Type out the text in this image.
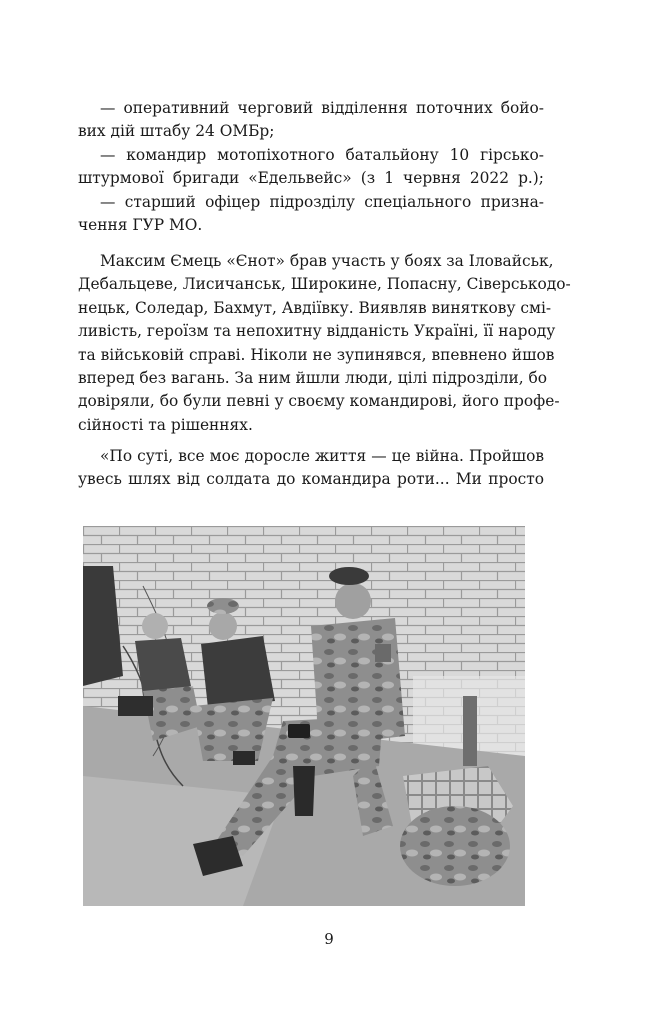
— оперативний черговий відділення поточних бойо-
вих дій штабу 24 ОМБр;
— командир мотопіхотного батальйону 10 гірсько-
штурмової бригади «Едельвейс» (з 1 червня 2022 р.);
— старший офіцер підрозділу спеціального призна-
чення ГУР МО.
Максим Ємець «Єнот» брав участь у боях за Іловайськ,
Дебальцеве, Лисичанськ, Широкине, Попасну, Сіверськодо-
нецьк, Соледар, Бахмут, Авдіївку. Виявляв виняткову смі-
ливість, героїзм та непохитну відданість Україні, її народу
та військовій справі. Ніколи не зупинявся, впевнено йшов
вперед без вагань. За ним йшли люди, цілі підрозділи, бо
довіряли, бо були певні у своєму командирові, його профе-
сійності та рішеннях.
«По суті, все моє доросле життя — це війна. Пройшов
увесь шлях від солдата до командира роти... Ми просто
9
